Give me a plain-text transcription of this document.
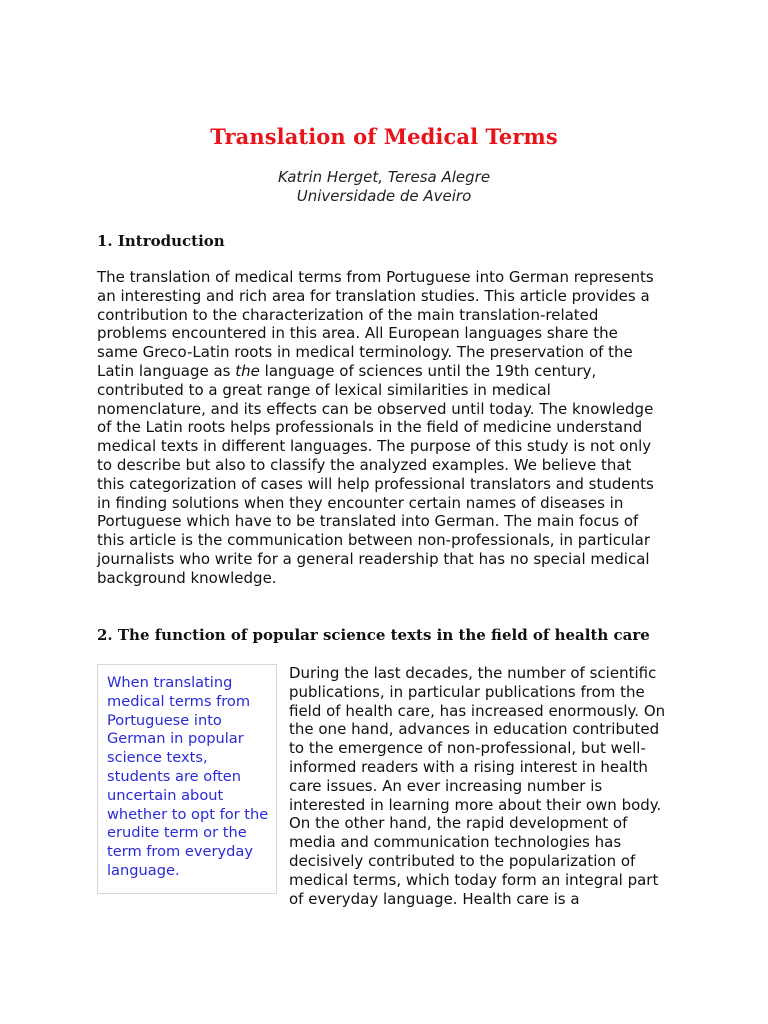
Translation of Medical Terms
Katrin Herget, Teresa Alegre
Universidade de Aveiro
1. Introduction

The translation of medical terms from Portuguese into German represents an interesting and rich area for translation studies. This article provides a contribution to the characterization of the main translation-related problems encountered in this area. All European languages share the same Greco-Latin roots in medical terminology. The preservation of the Latin language as the language of sciences until the 19th century, contributed to a great range of lexical similarities in medical nomenclature, and its effects can be observed until today. The knowledge of the Latin roots helps professionals in the field of medicine understand medical texts in different languages. The purpose of this study is not only to describe but also to classify the analyzed examples. We believe that this categorization of cases will help professional translators and students in finding solutions when they encounter certain names of diseases in Portuguese which have to be translated into German. The main focus of this article is the communication between non-professionals, in particular journalists who write for a general readership that has no special medical background knowledge.

2. The function of popular science texts in the field of health care
When translating medical terms from Portuguese into German in popular science texts, students are often uncertain about whether to opt for the erudite term or the term from everyday language.

During the last decades, the number of scientific publications, in particular publications from the field of health care, has increased enormously. On the one hand, advances in education contributed to the emergence of non-professional, but well-informed readers with a rising interest in health care issues. An ever increasing number is interested in learning more about their own body. On the other hand, the rapid development of media and communication technologies has decisively contributed to the popularization of medical terms, which today form an integral part of everyday language. Health care is a
